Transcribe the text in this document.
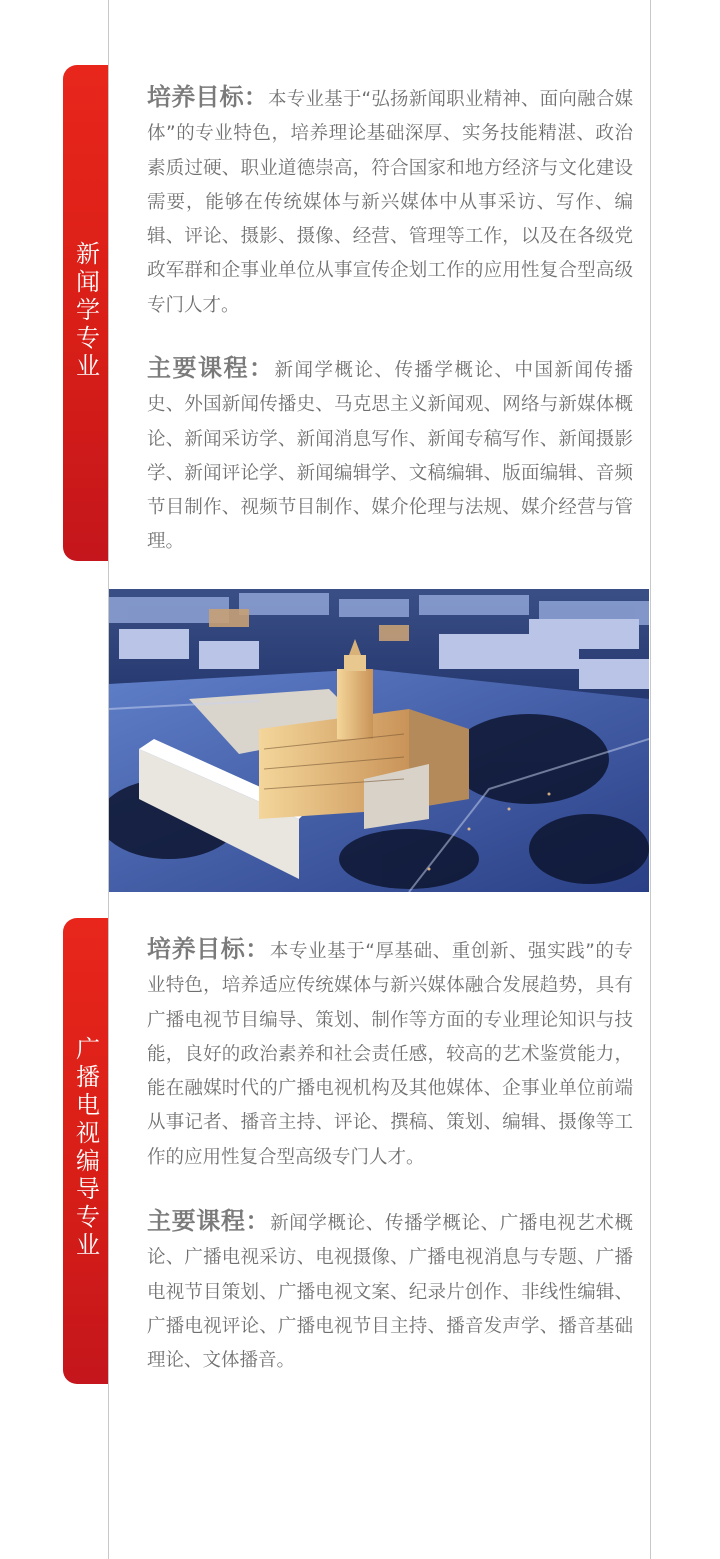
新闻学专业
培养目标：本专业基于“弘扬新闻职业精神、面向融合媒体”的专业特色，培养理论基础深厚、实务技能精湛、政治素质过硬、职业道德崇高，符合国家和地方经济与文化建设需要，能够在传统媒体与新兴媒体中从事采访、写作、编辑、评论、摄影、摄像、经营、管理等工作，以及在各级党政军群和企事业单位从事宣传企划工作的应用性复合型高级专门人才。
主要课程：新闻学概论、传播学概论、中国新闻传播史、外国新闻传播史、马克思主义新闻观、网络与新媒体概论、新闻采访学、新闻消息写作、新闻专稿写作、新闻摄影学、新闻评论学、新闻编辑学、文稿编辑、版面编辑、音频节目制作、视频节目制作、媒介伦理与法规、媒介经营与管理。
广播电视编导专业
培养目标：本专业基于“厚基础、重创新、强实践”的专业特色，培养适应传统媒体与新兴媒体融合发展趋势，具有广播电视节目编导、策划、制作等方面的专业理论知识与技能，良好的政治素养和社会责任感，较高的艺术鉴赏能力，能在融媒时代的广播电视机构及其他媒体、企事业单位前端从事记者、播音主持、评论、撰稿、策划、编辑、摄像等工作的应用性复合型高级专门人才。
主要课程：新闻学概论、传播学概论、广播电视艺术概论、广播电视采访、电视摄像、广播电视消息与专题、广播电视节目策划、广播电视文案、纪录片创作、非线性编辑、广播电视评论、广播电视节目主持、播音发声学、播音基础理论、文体播音。
